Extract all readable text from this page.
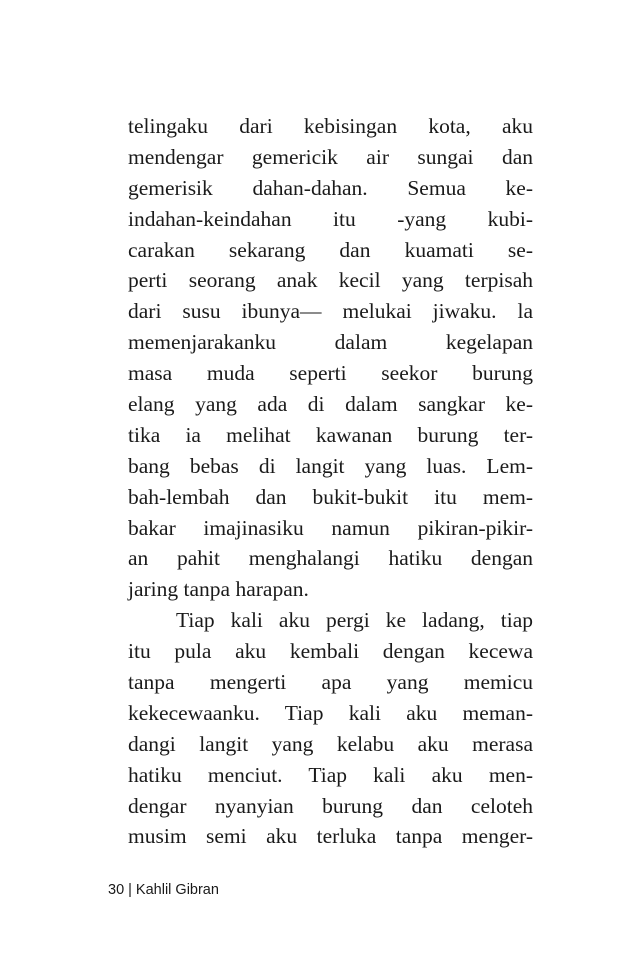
telingaku dari kebisingan kota, aku
mendengar gemericik air sungai dan
gemerisik dahan-dahan. Semua ke-
indahan-keindahan itu -yang kubi-
carakan sekarang dan kuamati se-
perti seorang anak kecil yang terpisah
dari susu ibunya— melukai jiwaku. la
memenjarakanku dalam kegelapan
masa muda seperti seekor burung
elang yang ada di dalam sangkar ke-
tika ia melihat kawanan burung ter-
bang bebas di langit yang luas. Lem-
bah-lembah dan bukit-bukit itu mem-
bakar imajinasiku namun pikiran-pikir-
an pahit menghalangi hatiku dengan
jaring tanpa harapan.
Tiap kali aku pergi ke ladang, tiap
itu pula aku kembali dengan kecewa
tanpa mengerti apa yang memicu
kekecewaanku. Tiap kali aku meman-
dangi langit yang kelabu aku merasa
hatiku menciut. Tiap kali aku men-
dengar nyanyian burung dan celoteh
musim semi aku terluka tanpa menger-
30 | Kahlil Gibran
